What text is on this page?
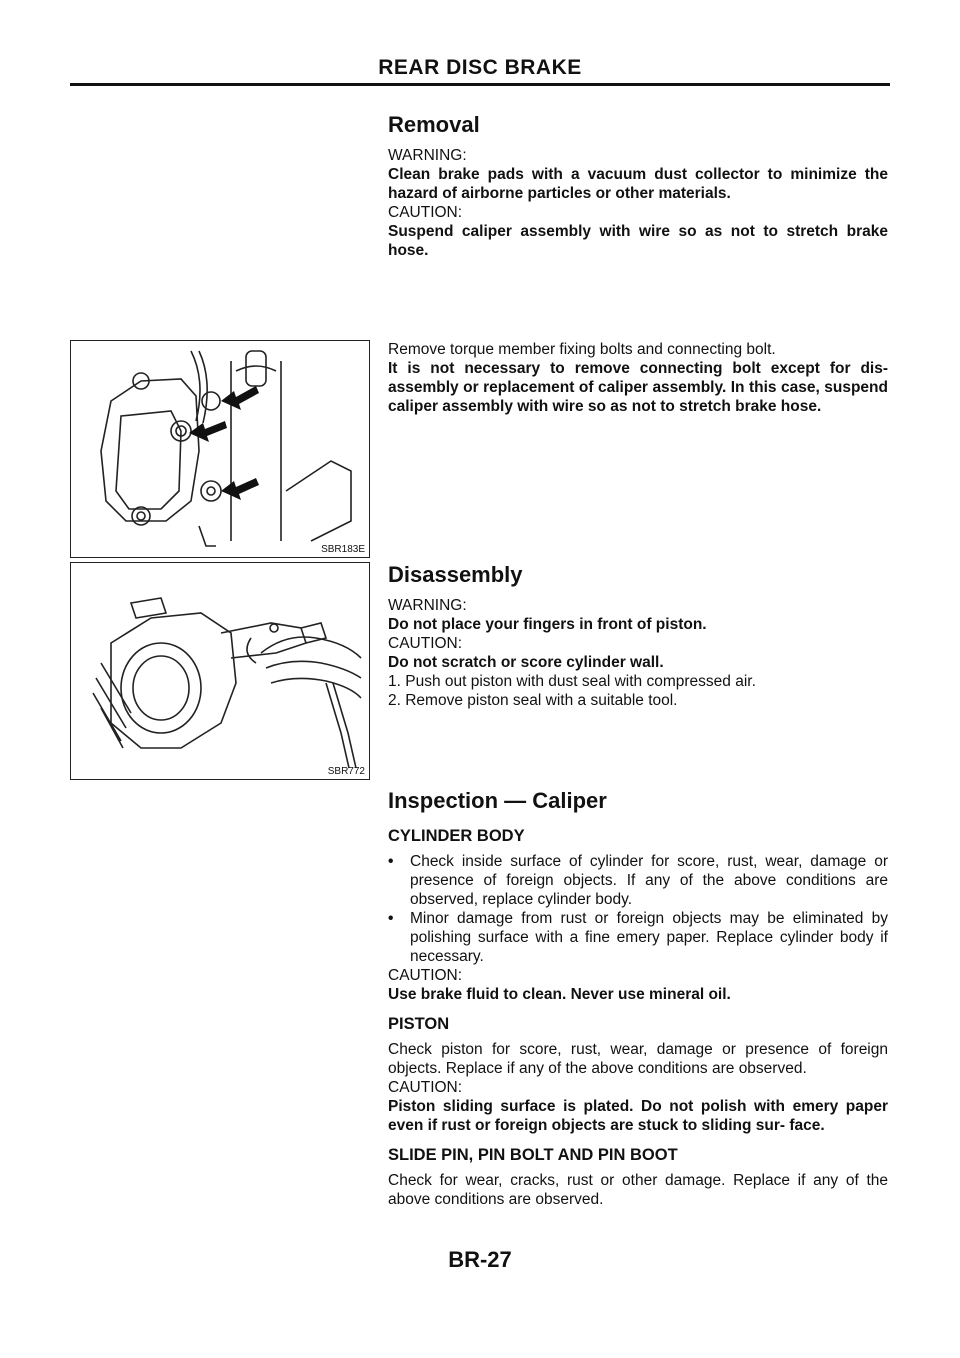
REAR DISC BRAKE
Removal

WARNING:

Clean brake pads with a vacuum dust collector to minimize the hazard of airborne particles or other materials.

CAUTION:

Suspend caliper assembly with wire so as not to stretch brake hose.

Remove torque member fixing bolts and connecting bolt.

It is not necessary to remove connecting bolt except for dis- assembly or replacement of caliper assembly. In this case, suspend caliper assembly with wire so as not to stretch brake hose.

SBR183E
Disassembly

WARNING:

Do not place your fingers in front of piston.

CAUTION:

Do not scratch or score cylinder wall.

1. Push out piston with dust seal with compressed air.

2. Remove piston seal with a suitable tool.

SBR772
Inspection — Caliper
CYLINDER BODY
• Check inside surface of cylinder for score, rust, wear, damage or presence of foreign objects. If any of the above conditions are observed, replace cylinder body.
• Minor damage from rust or foreign objects may be eliminated by polishing surface with a fine emery paper. Replace cylinder body if necessary.

CAUTION:

Use brake fluid to clean. Never use mineral oil.

PISTON

Check piston for score, rust, wear, damage or presence of foreign objects. Replace if any of the above conditions are observed.

CAUTION:

Piston sliding surface is plated. Do not polish with emery paper even if rust or foreign objects are stuck to sliding sur- face.

SLIDE PIN, PIN BOLT AND PIN BOOT

Check for wear, cracks, rust or other damage. Replace if any of the above conditions are observed.

BR-27
